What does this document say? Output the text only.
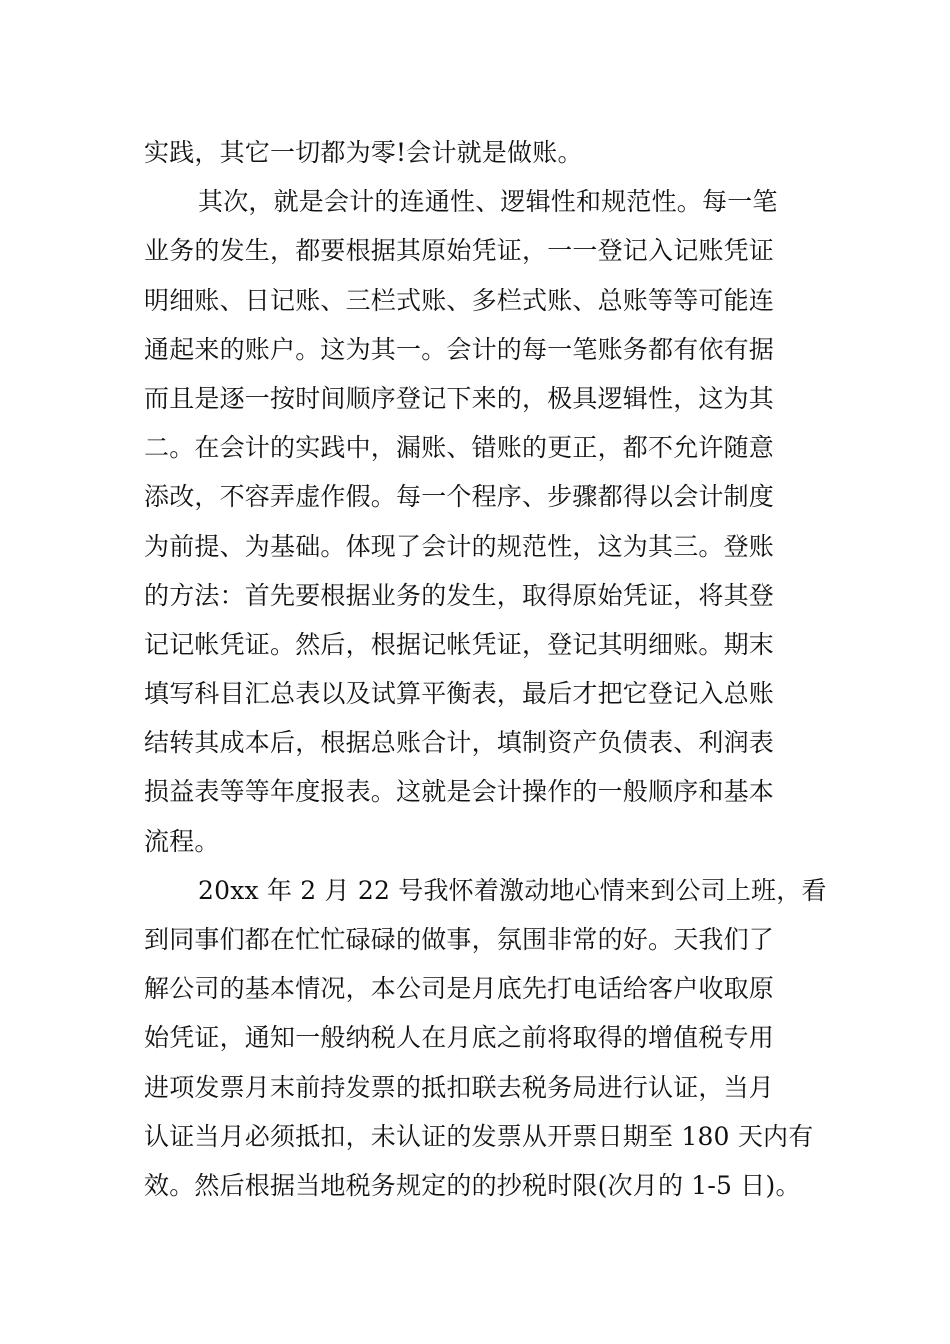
实践，其它一切都为零!会计就是做账。
其次，就是会计的连通性、逻辑性和规范性。每一笔
业务的发生，都要根据其原始凭证，一一登记入记账凭证
明细账、日记账、三栏式账、多栏式账、总账等等可能连
通起来的账户。这为其一。会计的每一笔账务都有依有据
而且是逐一按时间顺序登记下来的，极具逻辑性，这为其
二。在会计的实践中，漏账、错账的更正，都不允许随意
添改，不容弄虚作假。每一个程序、步骤都得以会计制度
为前提、为基础。体现了会计的规范性，这为其三。登账
的方法：首先要根据业务的发生，取得原始凭证，将其登
记记帐凭证。然后，根据记帐凭证，登记其明细账。期末
填写科目汇总表以及试算平衡表，最后才把它登记入总账
结转其成本后，根据总账合计，填制资产负债表、利润表
损益表等等年度报表。这就是会计操作的一般顺序和基本
流程。
20xx 年 2 月 22 号我怀着激动地心情来到公司上班，看
到同事们都在忙忙碌碌的做事，氛围非常的好。天我们了
解公司的基本情况，本公司是月底先打电话给客户收取原
始凭证，通知一般纳税人在月底之前将取得的增值税专用
进项发票月末前持发票的抵扣联去税务局进行认证，当月
认证当月必须抵扣，未认证的发票从开票日期至 180 天内有
效。然后根据当地税务规定的的抄税时限(次月的 1-5 日)。
